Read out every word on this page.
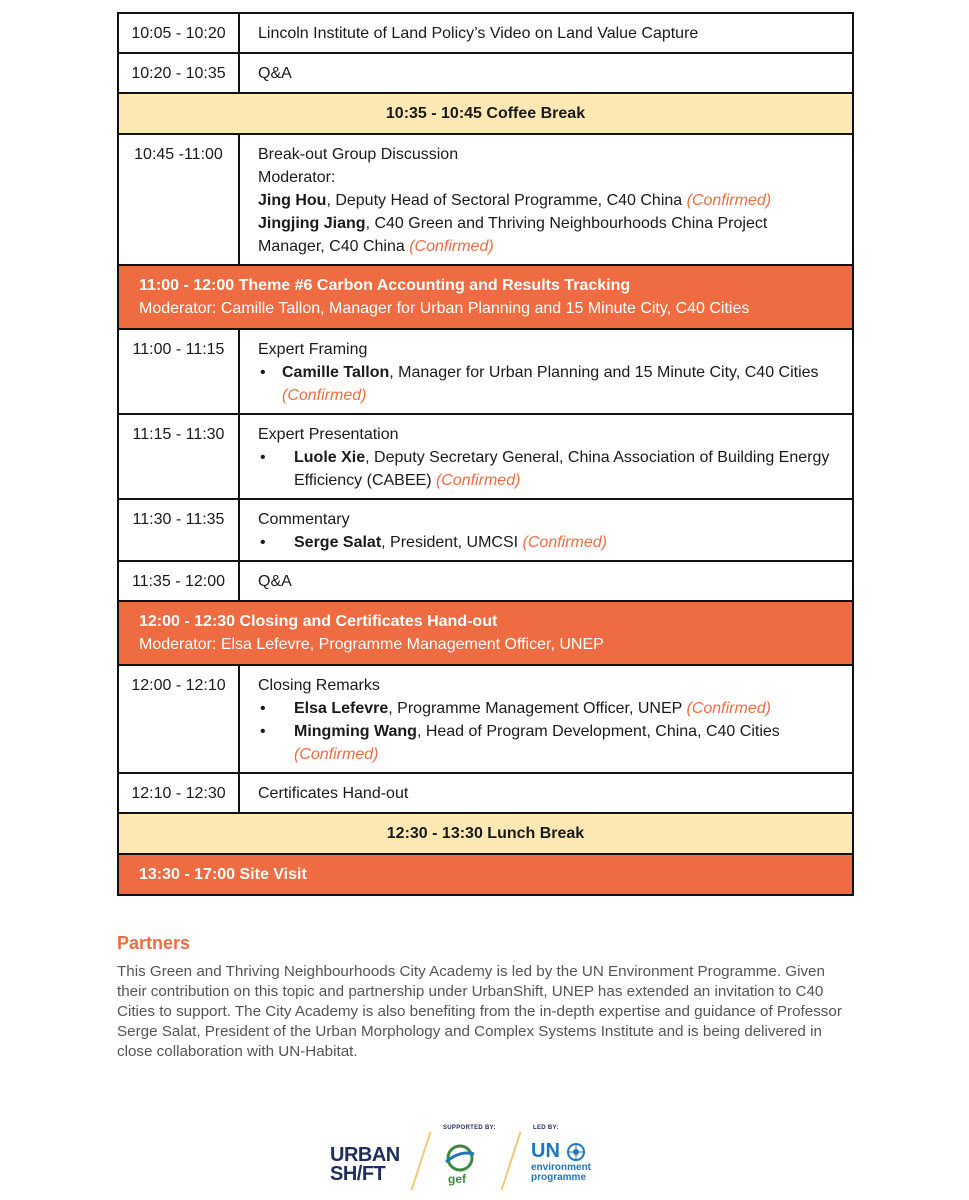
10:05 - 10:20	Lincoln Institute of Land Policy’s Video on Land Value Capture
10:20 - 10:35	Q&A
10:35 - 10:45 Coffee Break	
10:45 -11:00	Break-out Group Discussion
Moderator:
Jing Hou, Deputy Head of Sectoral Programme, C40 China (Confirmed)
Jingjing Jiang, C40 Green and Thriving Neighbourhoods China Project Manager, C40 China (Confirmed)

11:00 - 12:00 Theme #6 Carbon Accounting and Results Tracking
Moderator: Camille Tallon, Manager for Urban Planning and 15 Minute City, C40 Cities	

11:00 - 11:15	Expert Framing
• Camille Tallon, Manager for Urban Planning and 15 Minute City, C40 Cities (Confirmed)

11:15 - 11:30	Expert Presentation
• Luole Xie, Deputy Secretary General, China Association of Building Energy Efficiency (CABEE) (Confirmed)

11:30 - 11:35	Commentary
• Serge Salat, President, UMCSI (Confirmed)

11:35 - 12:00	Q&A

12:00 - 12:30 Closing and Certificates Hand-out
Moderator: Elsa Lefevre, Programme Management Officer, UNEP	

12:00 - 12:10	Closing Remarks
• Elsa Lefevre, Programme Management Officer, UNEP (Confirmed)
• Mingming Wang, Head of Program Development, China, C40 Cities (Confirmed)

12:10 - 12:30	Certificates Hand-out
12:30 - 13:30 Lunch Break	

13:30 - 17:00 Site Visit	
Partners
This Green and Thriving Neighbourhoods City Academy is led by the UN Environment Programme. Given their contribution on this topic and partnership under UrbanShift, UNEP has extended an invitation to C40 Cities to support. The City Academy is also benefiting from the in-depth expertise and guidance of Professor Serge Salat, President of the Urban Morphology and Complex Systems Institute and is being delivered in close collaboration with UN-Habitat.
URBAN
SH/FT
SUPPORTED BY:
gef
LED BY:
UN
environment
programme
